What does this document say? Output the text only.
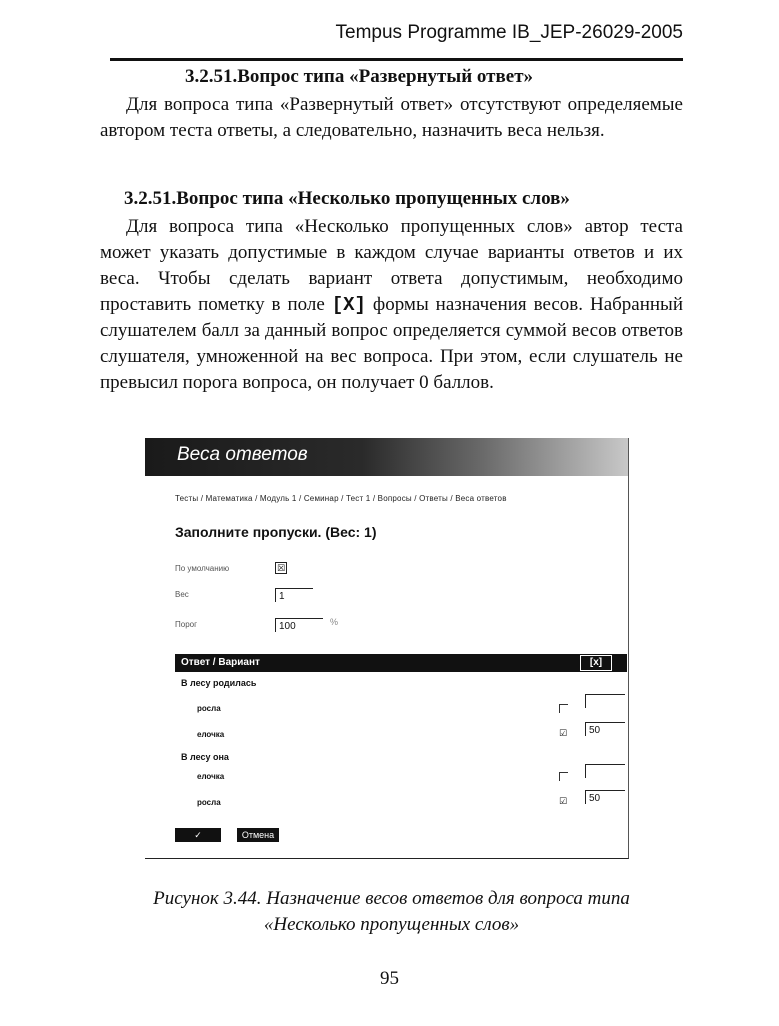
Tempus Programme IB_JEP-26029-2005
3.2.51.Вопрос типа «Развернутый ответ»

Для вопроса типа «Развернутый ответ» отсутствуют определяемые автором теста ответы, а следовательно, назначить веса нельзя.

3.2.51.Вопрос типа «Несколько пропущенных слов»

Для вопроса типа «Несколько пропущенных слов» автор теста может указать допустимые в каждом случае варианты ответов и их веса. Чтобы сделать вариант ответа допустимым, необходимо проставить пометку в поле [X] формы назначения весов. Набранный слушателем балл за данный вопрос определяется суммой весов ответов слушателя, умноженной на вес вопроса. При этом, если слушатель не превысил порога вопроса, он получает 0 баллов.

Веса ответов
Тесты / Математика / Модуль 1 / Семинар / Тест 1 / Вопросы / Ответы / Веса ответов
Заполните пропуски. (Вес: 1)
По умолчанию	☒
Вес	1
Порог	100	%
Ответ / Вариант	[x]
В лесу родилась
росла
елочка	☑	50
В лесу она
елочка
росла	☑	50
✓	Отмена
Рисунок 3.44. Назначение весов ответов для вопроса типа
«Несколько пропущенных слов»
95
